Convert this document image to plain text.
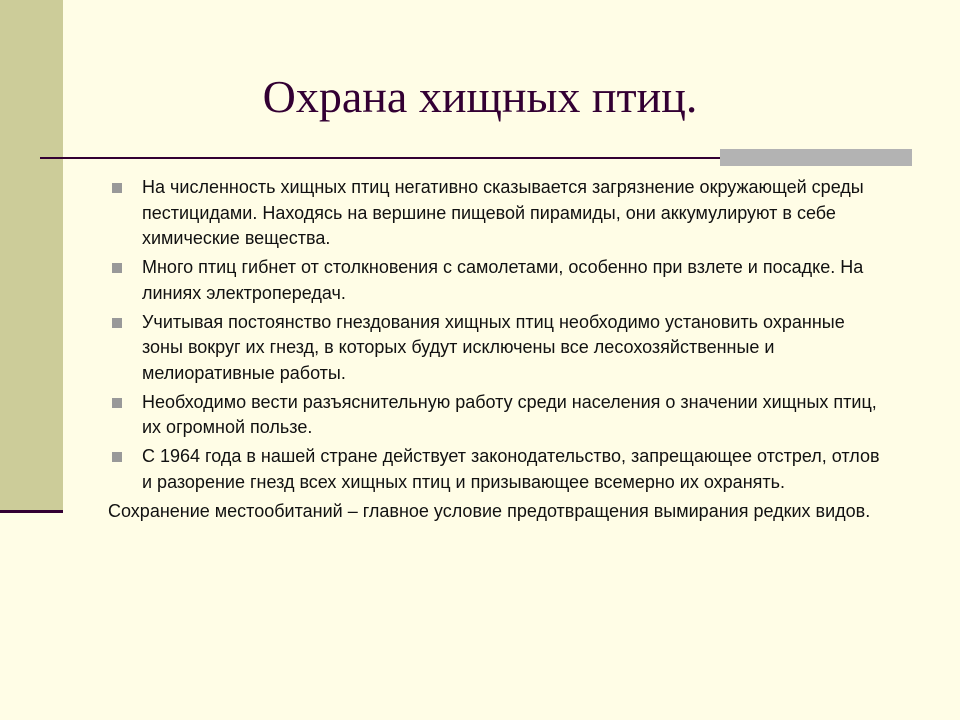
Охрана хищных птиц.
На численность хищных птиц негативно сказывается загрязнение окружающей среды пестицидами. Находясь на вершине пищевой пирамиды, они аккумулируют в себе химические вещества.
Много птиц гибнет от столкновения с самолетами, особенно при взлете и посадке. На линиях электропередач.
Учитывая постоянство гнездования хищных птиц необходимо установить охранные зоны вокруг их гнезд, в которых будут исключены все лесохозяйственные и мелиоративные работы.
Необходимо вести разъяснительную работу среди населения о значении хищных птиц, их огромной пользе.
С 1964 года в нашей стране действует законодательство, запрещающее отстрел, отлов и разорение гнезд всех хищных птиц и призывающее всемерно их охранять.

Сохранение местообитаний – главное условие предотвращения вымирания редких видов.
